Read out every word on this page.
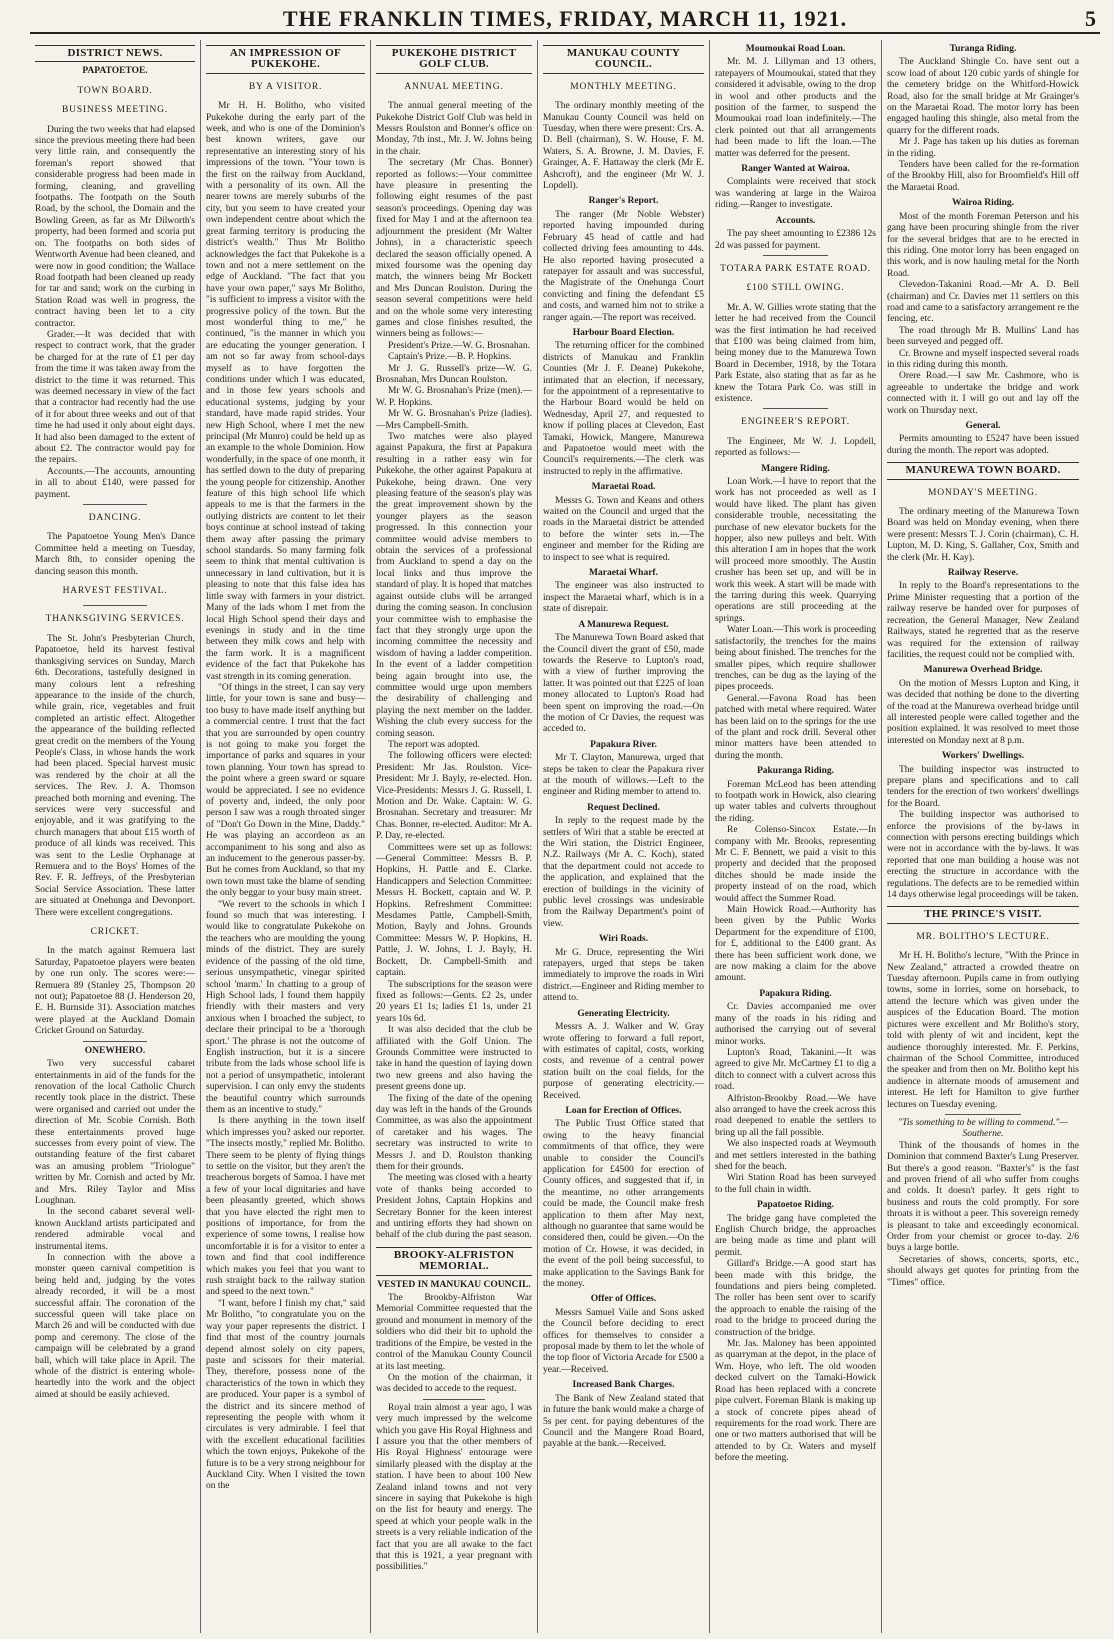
THE FRANKLIN TIMES, FRIDAY, MARCH 11, 1921.	5
DISTRICT NEWS.
PAPATOETOE.
TOWN BOARD.
BUSINESS MEETING.

During the two weeks that had elapsed since the previous meeting there had been very little rain, and consequently the foreman's report showed that considerable progress had been made in forming, cleaning, and gravelling footpaths. The footpath on the South Road, by the school, the Domain and the Bowling Green, as far as Mr Dilworth's property, had been formed and scoria put on. The footpaths on both sides of Wentworth Avenue had been cleaned, and were now in good condition; the Wallace Road footpath had been cleaned up ready for tar and sand; work on the curbing in Station Road was well in progress, the contract having been let to a city contractor.

Grader.—It was decided that with respect to contract work, that the grader be charged for at the rate of £1 per day from the time it was taken away from the district to the time it was returned. This was deemed necessary in view of the fact that a contractor had recently had the use of it for about three weeks and out of that time he had used it only about eight days. It had also been damaged to the extent of about £2. The contractor would pay for the repairs.

Accounts.—The accounts, amounting in all to about £140, were passed for payment.

DANCING.

The Papatoetoe Young Men's Dance Committee held a meeting on Tuesday, March 8th, to consider opening the dancing season this month.

HARVEST FESTIVAL.
THANKSGIVING SERVICES.

The St. John's Presbyterian Church, Papatoetoe, held its harvest festival thanksgiving services on Sunday, March 6th. Decorations, tastefully designed in many colours lent a refreshing appearance to the inside of the church, while grain, rice, vegetables and fruit completed an artistic effect. Altogether the appearance of the building reflected great credit on the members of the Young People's Class, in whose hands the work had been placed. Special harvest music was rendered by the choir at all the services. The Rev. J. A. Thomson preached both morning and evening. The services were very successful and enjoyable, and it was gratifying to the church managers that about £15 worth of produce of all kinds was received. This was sent to the Leslie Orphanage at Remuera and to the Boys' Homes of the Rev. F. R. Jeffreys, of the Presbyterian Social Service Association. These latter are situated at Onehunga and Devonport. There were excellent congregations.

CRICKET.

In the match against Remuera last Saturday, Papatoetoe players were beaten by one run only. The scores were:—Remuera 89 (Stanley 25, Thompson 20 not out); Papatoetoe 88 (J. Henderson 20, E. H. Burnside 31). Association matches were played at the Auckland Domain Cricket Ground on Saturday.

ONEWHERO.

Two very successful cabaret entertainments in aid of the funds for the renovation of the local Catholic Church recently took place in the district. These were organised and carried out under the direction of Mr. Scobie Cornish. Both these entertainments proved huge successes from every point of view. The outstanding feature of the first cabaret was an amusing problem "Triologue" written by Mr. Cornish and acted by Mr. and Mrs. Riley Taylor and Miss Loughnan.

In the second cabaret several well-known Auckland artists participated and rendered admirable vocal and instrumental items.

In connection with the above a monster queen carnival competition is being held and, judging by the votes already recorded, it will be a most successful affair. The coronation of the successful queen will take place on March 26 and will be conducted with due pomp and ceremony. The close of the campaign will be celebrated by a grand ball, which will take place in April. The whole of the district is entering whole-heartedly into the work and the object aimed at should be easily achieved.

AN IMPRESSION OF PUKEKOHE.
BY A VISITOR.

Mr H. H. Bolitho, who visited Pukekohe during the early part of the week, and who is one of the Dominion's best known writers, gave our representative an interesting story of his impressions of the town. "Your town is the first on the railway from Auckland, with a personality of its own. All the nearer towns are merely suburbs of the city, but you seem to have created your own independent centre about which the great farming territory is producing the district's wealth." Thus Mr Bolitho acknowledges the fact that Pukekohe is a town and not a mere settlement on the edge of Auckland. "The fact that you have your own paper," says Mr Bolitho, "is sufficient to impress a visitor with the progressive policy of the town. But the most wonderful thing to me," he continued, "is the manner in which you are educating the younger generation. I am not so far away from school-days myself as to have forgotten the conditions under which I was educated, and in those few years schools and educational systems, judging by your standard, have made rapid strides. Your new High School, where I met the new principal (Mr Munro) could be held up as an example to the whole Dominion. How wonderfully, in the space of one month, it has settled down to the duty of preparing the young people for citizenship. Another feature of this high school life which appeals to me is that the farmers in the outlying districts are content to let their boys continue at school instead of taking them away after passing the primary school standards. So many farming folk seem to think that mental cultivation is unnecessary in land cultivation, but it is pleasing to note that this false idea has little sway with farmers in your district. Many of the lads whom I met from the local High School spend their days and evenings in study and in the time between they milk cows and help with the farm work. It is a magnificent evidence of the fact that Pukekohe has vast strength in its coming generation.

"Of things in the street, I can say very little, for your town is sane and busy—too busy to have made itself anything but a commercial centre. I trust that the fact that you are surrounded by open country is not going to make you forget the importance of parks and squares in your town planning. Your town has spread to the point where a green sward or square would be appreciated. I see no evidence of poverty and, indeed, the only poor person I saw was a rough throated singer of "Don't Go Down in the Mine, Daddy." He was playing an accordeon as an accompaniment to his song and also as an inducement to the generous passer-by. But he comes from Auckland, so that my own town must take the blame of sending the only beggar to your busy main street.

"We revert to the schools in which I found so much that was interesting. I would like to congratulate Pukekohe on the teachers who are moulding the young minds of the district. They are surely evidence of the passing of the old time, serious unsympathetic, vinegar spirited school 'marm.' In chatting to a group of High School lads, I found them happily friendly with their masters and very anxious when I broached the subject, to declare their principal to be a 'thorough sport.' The phrase is not the outcome of English instruction, but it is a sincere tribute from the lads whose school life is not a period of unsympathetic, intolerant supervision. I can only envy the students the beautiful country which surrounds them as an incentive to study."

Is there anything in the town itself which impresses you? asked our reporter. "The insects mostly," replied Mr. Bolitho. There seem to be plenty of flying things to settle on the visitor, but they aren't the treacherous borgets of Samoa. I have met a few of your local dignitaries and have been pleasantly greeted, which shows that you have elected the right men to positions of importance, for from the experience of some towns, I realise how uncomfortable it is for a visitor to enter a town and find that cool indifference which makes you feel that you want to rush straight back to the railway station and speed to the next town."

"I want, before I finish my chat," said Mr Bolitho, "to congratulate you on the way your paper represents the district. I find that most of the country journals depend almost solely on city papers, paste and scissors for their material. They, therefore, possess none of the characteristics of the town in which they are produced. Your paper is a symbol of the district and its sincere method of representing the people with whom it circulates is very admirable. I feel that with the excellent educational facilities which the town enjoys, Pukekohe of the future is to be a very strong neighbour for Auckland City. When I visited the town on the

PUKEKOHE DISTRICT GOLF CLUB.
ANNUAL MEETING.

The annual general meeting of the Pukekohe District Golf Club was held in Messrs Roulston and Bonner's office on Monday, 7th inst., Mr. J. W. Johns being in the chair.

The secretary (Mr Chas. Bonner) reported as follows:—Your committee have pleasure in presenting the following eight resumes of the past season's proceedings. Opening day was fixed for May 1 and at the afternoon tea adjournment the president (Mr Walter Johns), in a characteristic speech declared the season officially opened. A mixed foursome was the opening day match, the winners being Mr Bockett and Mrs Duncan Roulston. During the season several competitions were held and on the whole some very interesting games and close finishes resulted, the winners being as follows:—

President's Prize.—W. G. Brosnahan.

Captain's Prize.—B. P. Hopkins.

Mr J. G. Russell's prize—W. G. Brosnahan, Mrs Duncan Roulston.

Mr W. G. Brosnahan's Prize (men).—W. P. Hopkins.

Mr W. G. Brosnahan's Prize (ladies).—Mrs Campbell-Smith.

Two matches were also played against Papakura, the first at Papakura resulting in a rather easy win for Pukekohe, the other against Papakura at Pukekohe, being drawn. One very pleasing feature of the season's play was the great improvement shown by the younger players as the season progressed. In this connection your committee would advise members to obtain the services of a professional from Auckland to spend a day on the local links and thus improve the standard of play. It is hoped that matches against outside clubs will be arranged during the coming season. In conclusion your committee wish to emphasise the fact that they strongly urge upon the incoming committee the necessity and wisdom of having a ladder competition. In the event of a ladder competition being again brought into use, the committee would urge upon members the desirability of challenging and playing the next member on the ladder. Wishing the club every success for the coming season.

The report was adopted.

The following officers were elected: President: Mr Jas. Roulston. Vice-President: Mr J. Bayly, re-elected. Hon. Vice-Presidents: Messrs J. G. Russell, I. Motion and Dr. Wake. Captain: W. G. Brosnahan. Secretary and treasurer: Mr Chas. Bonner, re-elected. Auditor: Mr A. P. Day, re-elected.

Committees were set up as follows:—General Committee: Messrs B. P. Hopkins, H. Pattle and E. Clarke. Handicappers and Selection Committee: Messrs H. Bockett, captain and W. P. Hopkins. Refreshment Committee: Mesdames Pattle, Campbell-Smith, Motion, Bayly and Johns. Grounds Committee: Messrs W. P. Hopkins, H. Pattle, J. W. Johns, I. J. Bayly, H. Bockett, Dr. Campbell-Smith and captain.

The subscriptions for the season were fixed as follows:—Gents. £2 2s, under 20 years £1 1s; ladies £1 1s, under 21 years 10s 6d.

It was also decided that the club be affiliated with the Golf Union. The Grounds Committee were instructed to take in hand the question of laying down two new greens and also having the present greens done up.

The fixing of the date of the opening day was left in the hands of the Grounds Committee, as was also the appointment of caretaker and his wages. The secretary was instructed to write to Messrs J. and D. Roulston thanking them for their grounds.

The meeting was closed with a hearty vote of thanks being accorded to President Johns, Captain Hopkins and Secretary Bonner for the keen interest and untiring efforts they had shown on behalf of the club during the past season.

BROOKY-ALFRISTON MEMORIAL.
VESTED IN MANUKAU COUNCIL.

The Brookby-Alfriston War Memorial Committee requested that the ground and monument in memory of the soldiers who did their bit to uphold the traditions of the Empire, be vested in the control of the Manukau County Council at its last meeting.

On the motion of the chairman, it was decided to accede to the request.

Royal train almost a year ago, I was very much impressed by the welcome which you gave His Royal Highness and I assure you that the other members of His Royal Highness' entourage were similarly pleased with the display at the station. I have been to about 100 New Zealand inland towns and not very sincere in saying that Pukekohe is high on the list for beauty and energy. The speed at which your people walk in the streets is a very reliable indication of the fact that you are all awake to the fact that this is 1921, a year pregnant with possibilities."

MANUKAU COUNTY COUNCIL.
MONTHLY MEETING.

The ordinary monthly meeting of the Manukau County Council was held on Tuesday, when there were present: Crs. A. D. Bell (chairman), S. W. House, F. M. Waters, S. A. Browne, J. M. Davies, F. Grainger, A. F. Hattaway the clerk (Mr E. Ashcroft), and the engineer (Mr W. J. Lopdell).

Ranger's Report.

The ranger (Mr Noble Webster) reported having impounded during February 45 head of cattle and had collected driving fees amounting to 44s. He also reported having prosecuted a ratepayer for assault and was successful, the Magistrate of the Onehunga Court convicting and fining the defendant £5 and costs, and warned him not to strike a ranger again.—The report was received.

Harbour Board Election.

The returning officer for the combined districts of Manukau and Franklin Counties (Mr J. F. Deane) Pukekohe, intimated that an election, if necessary, for the appointment of a representative to the Harbour Board would be held on Wednesday, April 27, and requested to know if polling places at Clevedon, East Tamaki, Howick, Mangere, Manurewa and Papatoetoe would meet with the Council's requirements.—The clerk was instructed to reply in the affirmative.

Maraetai Road.

Messrs G. Town and Keans and others waited on the Council and urged that the roads in the Maraetai district be attended to before the winter sets in.—The engineer and member for the Riding are to inspect to see what is required.

Maraetai Wharf.

The engineer was also instructed to inspect the Maraetai wharf, which is in a state of disrepair.

A Manurewa Request.

The Manurewa Town Board asked that the Council divert the grant of £50, made towards the Reserve to Lupton's road, with a view of further improving the latter. It was pointed out that £225 of loan money allocated to Lupton's Road had been spent on improving the road.—On the motion of Cr Davies, the request was acceded to.

Papakura River.

Mr T. Clayton, Manurewa, urged that steps be taken to clear the Papakura river at the mouth of willows.—Left to the engineer and Riding member to attend to.

Request Declined.

In reply to the request made by the settlers of Wiri that a stable be erected at the Wiri station, the District Engineer, N.Z. Railways (Mr A. C. Koch), stated that the department could not accede to the application, and explained that the erection of buildings in the vicinity of public level crossings was undesirable from the Railway Department's point of view.

Wiri Roads.

Mr G. Druce, representing the Wiri ratepayers, urged that steps be taken immediately to improve the roads in Wiri district.—Engineer and Riding member to attend to.

Generating Electricity.

Messrs A. J. Walker and W. Gray wrote offering to forward a full report, with estimates of capital, costs, working costs, and revenue of a central power station built on the coal fields, for the purpose of generating electricity.—Received.

Loan for Erection of Offices.

The Public Trust Office stated that owing to the heavy financial commitments of that office, they were unable to consider the Council's application for £4500 for erection of County offices, and suggested that if, in the meantime, no other arrangements could be made, the Council make fresh application to them after May next, although no guarantee that same would be considered then, could be given.—On the motion of Cr. Howse, it was decided, in the event of the poll being successful, to make application to the Savings Bank for the money.

Offer of Offices.

Messrs Samuel Vaile and Sons asked the Council before deciding to erect offices for themselves to consider a proposal made by them to let the whole of the top floor of Victoria Arcade for £500 a year.—Received.

Increased Bank Charges.

The Bank of New Zealand stated that in future the bank would make a charge of 5s per cent. for paying debentures of the Council and the Mangere Road Board, payable at the bank.—Received.

Moumoukai Road Loan.

Mr. M. J. Lillyman and 13 others, ratepayers of Moumoukai, stated that they considered it advisable, owing to the drop in wool and other products and the position of the farmer, to suspend the Moumoukai road loan indefinitely.—The clerk pointed out that all arrangements had been made to lift the loan.—The matter was deferred for the present.

Ranger Wanted at Wairoa.

Complaints were received that stock was wandering at large in the Wairoa riding.—Ranger to investigate.

Accounts.

The pay sheet amounting to £2386 12s 2d was passed for payment.

TOTARA PARK ESTATE ROAD.
£100 STILL OWING.

Mr. A. W. Gillies wrote stating that the letter he had received from the Council was the first intimation he had received that £100 was being claimed from him, being money due to the Manurewa Town Board in December, 1918, by the Totara Park Estate, also stating that as far as he knew the Totara Park Co. was still in existence.

ENGINEER'S REPORT.

The Engineer, Mr W. J. Lopdell, reported as follows:—

Mangere Riding.

Loan Work.—I have to report that the work has not proceeded as well as I would have liked. The plant has given considerable trouble, necessitating the purchase of new elevator buckets for the hopper, also new pulleys and belt. With this alteration I am in hopes that the work will proceed more smoothly. The Austin crusher has been set up, and will be in work this week. A start will be made with the tarring during this week. Quarrying operations are still proceeding at the springs.

Water Loan.—This work is proceeding satisfactorily, the trenches for the mains being about finished. The trenches for the smaller pipes, which require shallower trenches, can be dug as the laying of the pipes proceeds.

General.—Favona Road has been patched with metal where required. Water has been laid on to the springs for the use of the plant and rock drill. Several other minor matters have been attended to during the month.

Pakuranga Riding.

Foreman McLeod has been attending to footpath work in Howick, also clearing up water tables and culverts throughout the riding.

Re Colenso-Sincox Estate.—In company with Mr. Brooks, representing Mr C. F. Bennett, we paid a visit to this property and decided that the proposed ditches should be made inside the property instead of on the road, which would affect the Summer Road.

Main Howick Road.—Authority has been given by the Public Works Department for the expenditure of £100, for £, additional to the £400 grant. As there has been sufficient work done, we are now making a claim for the above amount.

Papakura Riding.

Cr. Davies accompanied me over many of the roads in his riding and authorised the carrying out of several minor works.

Lupton's Road, Takanini.—It was agreed to give Mr. McCartney £1 to dig a ditch to connect with a culvert across this road.

Alfriston-Brookby Road.—We have also arranged to have the creek across this road deepened to enable the settlers to bring up all the fall possible.

We also inspected roads at Weymouth and met settlers interested in the bathing shed for the beach.

Wiri Station Road has been surveyed to the full chain in width.

Papatoetoe Riding.

The bridge gang have completed the English Church bridge, the approaches are being made as time and plant will permit.

Gillard's Bridge.—A good start has been made with this bridge, the foundations and piers being completed. The roller has been sent over to scarify the approach to enable the raising of the road to the bridge to proceed during the construction of the bridge.

Mr. Jas. Maloney has been appointed as quarryman at the depot, in the place of Wm. Hoye, who left. The old wooden decked culvert on the Tamaki-Howick Road has been replaced with a concrete pipe culvert. Foreman Blank is making up a stock of concrete pipes ahead of requirements for the road work. There are one or two matters authorised that will be attended to by Cr. Waters and myself before the meeting.

Turanga Riding.

The Auckland Shingle Co. have sent out a scow load of about 120 cubic yards of shingle for the cemetery bridge on the Whitford-Howick Road, also for the small bridge at Mr Grainger's on the Maraetai Road. The motor lorry has been engaged hauling this shingle, also metal from the quarry for the different roads.

Mr J. Page has taken up his duties as foreman in the riding.

Tenders have been called for the re-formation of the Brookby Hill, also for Broomfield's Hill off the Maraetai Road.

Wairoa Riding.

Most of the month Foreman Peterson and his gang have been procuring shingle from the river for the several bridges that are to be erected in this riding. One motor lorry has been engaged on this work, and is now hauling metal for the North Road.

Clevedon-Takanini Road.—Mr A. D. Bell (chairman) and Cr. Davies met 11 settlers on this road and came to a satisfactory arrangement re the fencing, etc.

The road through Mr B. Mullins' Land has been surveyed and pegged off.

Cr. Browne and myself inspected several roads in this riding during this month.

Orere Road.—I saw Mr. Cashmore, who is agreeable to undertake the bridge and work connected with it. I will go out and lay off the work on Thursday next.

General.

Permits amounting to £5247 have been issued during the month. The report was adopted.

MANUREWA TOWN BOARD.
MONDAY'S MEETING.

The ordinary meeting of the Manurewa Town Board was held on Monday evening, when there were present: Messrs T. J. Corin (chairman), C. H. Lupton, M. D. King, S. Gallaher, Cox, Smith and the clerk (Mr. H. Kay).

Railway Reserve.

In reply to the Board's representations to the Prime Minister requesting that a portion of the railway reserve be handed over for purposes of recreation, the General Manager, New Zealand Railways, stated he regretted that as the reserve was required for the extension of railway facilities, the request could not be complied with.

Manurewa Overhead Bridge.

On the motion of Messrs Lupton and King, it was decided that nothing be done to the diverting of the road at the Manurewa overhead bridge until all interested people were called together and the position explained. It was resolved to meet those interested on Monday next at 8 p.m.

Workers' Dwellings.

The building inspector was instructed to prepare plans and specifications and to call tenders for the erection of two workers' dwellings for the Board.

The building inspector was authorised to enforce the provisions of the by-laws in connection with persons erecting buildings which were not in accordance with the by-laws. It was reported that one man building a house was not erecting the structure in accordance with the regulations. The defects are to be remedied within 14 days otherwise legal proceedings will be taken.

THE PRINCE'S VISIT.
MR. BOLITHO'S LECTURE.

Mr H. H. Bolitho's lecture, "With the Prince in New Zealand," attracted a crowded theatre on Tuesday afternoon. Pupils came in from outlying towns, some in lorries, some on horseback, to attend the lecture which was given under the auspices of the Education Board. The motion pictures were excellent and Mr Bolitho's story, told with plenty of wit and incident, kept the audience thoroughly interested. Mr. F. Perkins, chairman of the School Committee, introduced the speaker and from then on Mr. Bolitho kept his audience in alternate moods of amusement and interest. He left for Hamilton to give further lectures on Tuesday evening.

"Tis something to be willing to commend."—Southerne.

Think of the thousands of homes in the Dominion that commend Baxter's Lung Preserver. But there's a good reason. "Baxter's" is the fast and proven friend of all who suffer from coughs and colds. It doesn't parley. It gets right to business and routs the cold promptly. For sore throats it is without a peer. This sovereign remedy is pleasant to take and exceedingly economical. Order from your chemist or grocer to-day. 2/6 buys a large bottle.

Secretaries of shows, concerts, sports, etc., should always get quotes for printing from the "Times" office.
